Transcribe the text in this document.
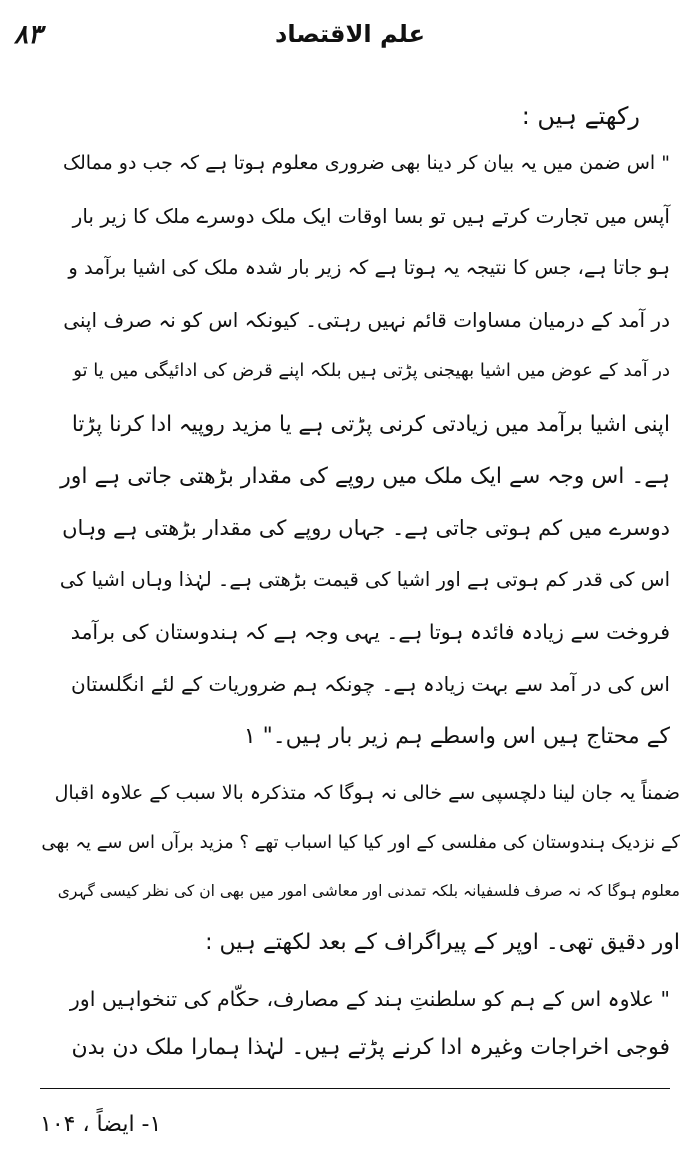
۸۳	علم الاقتصاد
رکھتے ہیں :
" اس ضمن میں یہ بیان کر دینا بھی ضروری معلوم ہوتا ہے کہ جب دو ممالک
آپس میں تجارت کرتے ہیں تو بسا اوقات ایک ملک دوسرے ملک کا زیر بار
ہو جاتا ہے، جس کا نتیجہ یہ ہوتا ہے کہ زیر بار شدہ ملک کی اشیا برآمد و
در آمد کے درمیان مساوات قائم نہیں رہتی۔ کیونکہ اس کو نہ صرف اپنی
در آمد کے عوض میں اشیا بھیجنی پڑتی ہیں بلکہ اپنے قرض کی ادائیگی میں یا تو
اپنی اشیا برآمد میں زیادتی کرنی پڑتی ہے یا مزید روپیہ ادا کرنا پڑتا
ہے۔ اس وجہ سے ایک ملک میں روپے کی مقدار بڑھتی جاتی ہے اور
دوسرے میں کم ہوتی جاتی ہے۔ جہاں روپے کی مقدار بڑھتی ہے وہاں
اس کی قدر کم ہوتی ہے اور اشیا کی قیمت بڑھتی ہے۔ لہٰذا وہاں اشیا کی
فروخت سے زیادہ فائدہ ہوتا ہے۔ یہی وجہ ہے کہ ہندوستان کی برآمد
اس کی در آمد سے بہت زیادہ ہے۔ چونکہ ہم ضروریات کے لئے انگلستان
کے محتاج ہیں اس واسطے ہم زیر بار ہیں۔" ۱
ضمناً یہ جان لینا دلچسپی سے خالی نہ ہوگا کہ متذکرہ بالا سبب کے علاوہ اقبال
کے نزدیک ہندوستان کی مفلسی کے اور کیا کیا اسباب تھے ؟ مزید برآں اس سے یہ بھی
معلوم ہوگا کہ نہ صرف فلسفیانہ بلکہ تمدنی اور معاشی امور میں بھی ان کی نظر کیسی گہری
اور دقیق تھی۔ اوپر کے پیراگراف کے بعد لکھتے ہیں :
" علاوہ اس کے ہم کو سلطنتِ ہند کے مصارف، حکّام کی تنخواہیں اور
فوجی اخراجات وغیرہ ادا کرنے پڑتے ہیں۔ لہٰذا ہمارا ملک دن بدن
۱- ایضاً ، ۱۰۴
